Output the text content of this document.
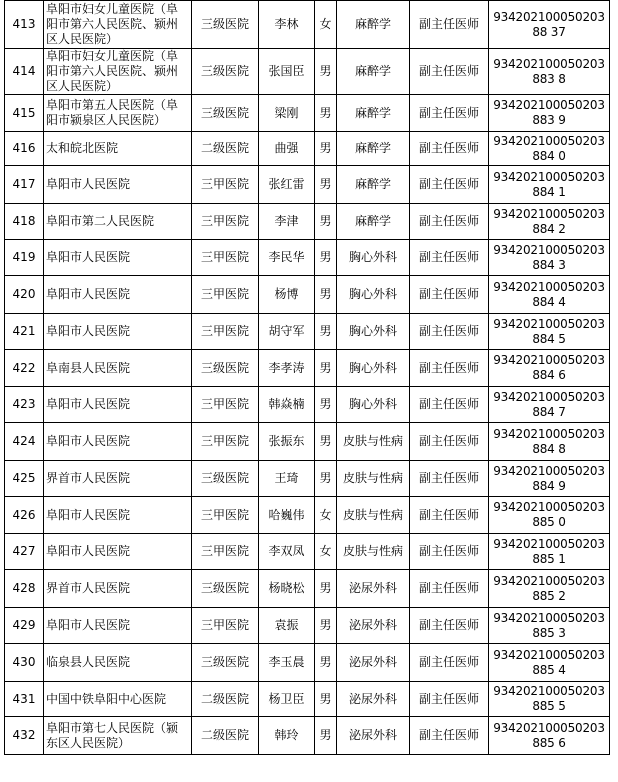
413	阜阳市妇女儿童医院（阜阳市第六人民医院、颍州区人民医院）	三级医院	李林	女	麻醉学	副主任医师	93420210005020388 37
414	阜阳市妇女儿童医院（阜阳市第六人民医院、颍州区人民医院）	三级医院	张国臣	男	麻醉学	副主任医师	934202100050203883 8
415	阜阳市第五人民医院（阜阳市颍泉区人民医院）	三级医院	梁刚	男	麻醉学	副主任医师	934202100050203883 9
416	太和皖北医院	二级医院	曲强	男	麻醉学	副主任医师	934202100050203884 0
417	阜阳市人民医院	三甲医院	张红雷	男	麻醉学	副主任医师	934202100050203884 1
418	阜阳市第二人民医院	三甲医院	李津	男	麻醉学	副主任医师	934202100050203884 2
419	阜阳市人民医院	三甲医院	李民华	男	胸心外科	副主任医师	934202100050203884 3
420	阜阳市人民医院	三甲医院	杨博	男	胸心外科	副主任医师	934202100050203884 4
421	阜阳市人民医院	三甲医院	胡守军	男	胸心外科	副主任医师	934202100050203884 5
422	阜南县人民医院	三级医院	李孝涛	男	胸心外科	副主任医师	934202100050203884 6
423	阜阳市人民医院	三甲医院	韩焱楠	男	胸心外科	副主任医师	934202100050203884 7
424	阜阳市人民医院	三甲医院	张振东	男	皮肤与性病	副主任医师	934202100050203884 8
425	界首市人民医院	三级医院	王琦	男	皮肤与性病	副主任医师	934202100050203884 9
426	阜阳市人民医院	三甲医院	哈巍伟	女	皮肤与性病	副主任医师	934202100050203885 0
427	阜阳市人民医院	三甲医院	李双凤	女	皮肤与性病	副主任医师	934202100050203885 1
428	界首市人民医院	三级医院	杨晓松	男	泌尿外科	副主任医师	934202100050203885 2
429	阜阳市人民医院	三甲医院	袁振	男	泌尿外科	副主任医师	934202100050203885 3
430	临泉县人民医院	三级医院	李玉晨	男	泌尿外科	副主任医师	934202100050203885 4
431	中国中铁阜阳中心医院	二级医院	杨卫臣	男	泌尿外科	副主任医师	934202100050203885 5
432	阜阳市第七人民医院（颍东区人民医院）	二级医院	韩玲	男	泌尿外科	副主任医师	934202100050203885 6
